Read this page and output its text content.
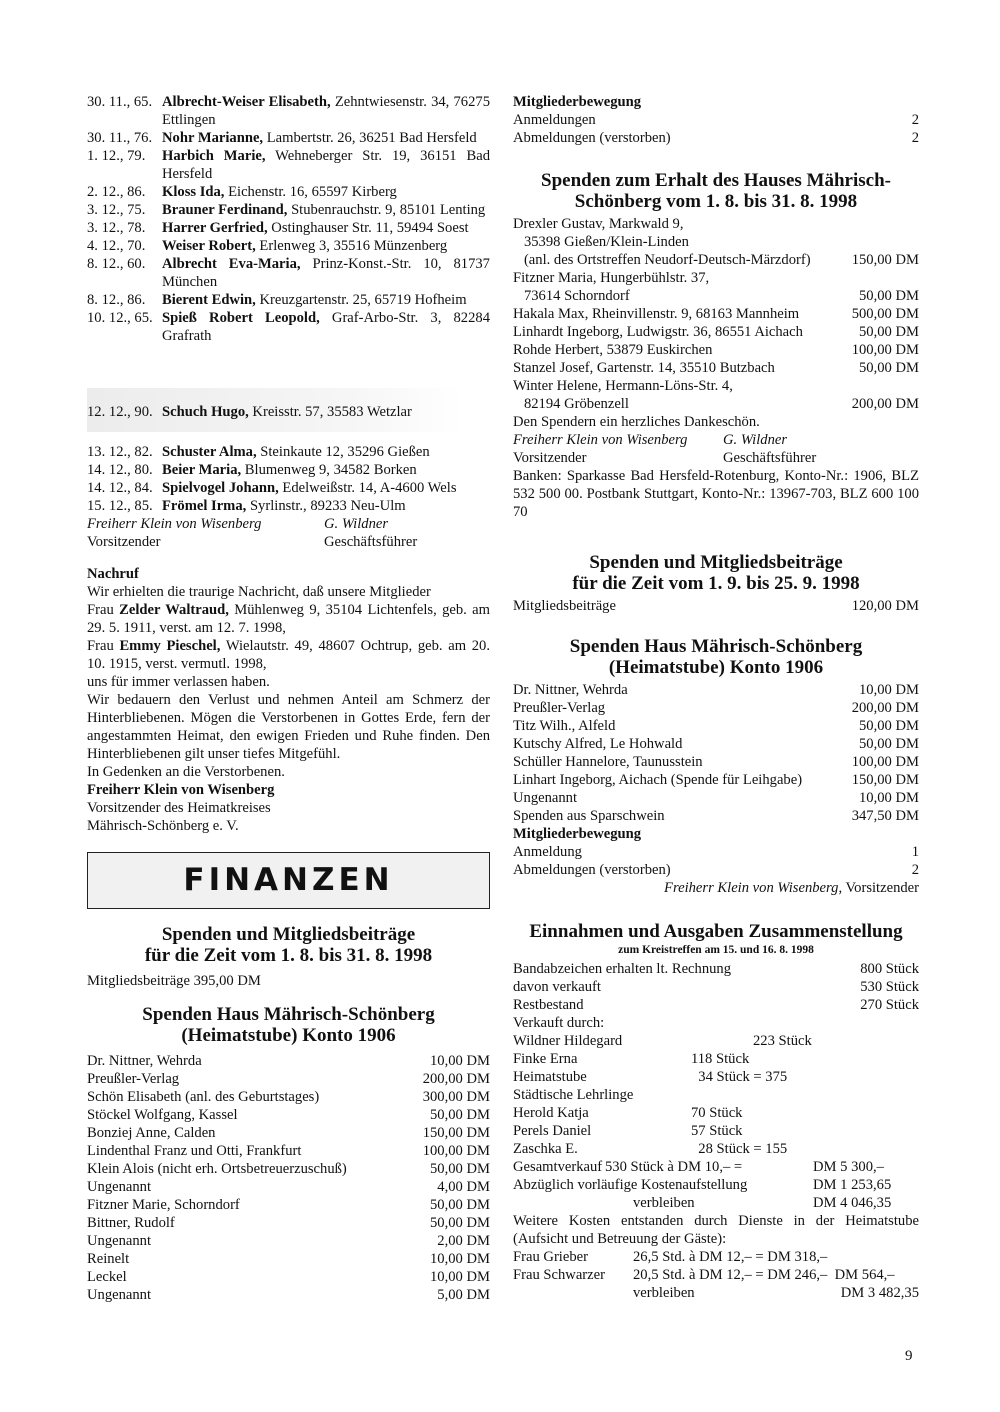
30. 11., 65. Albrecht-Weiser Elisabeth, Zehntwiesenstr. 34, 76275 Ettlingen
30. 11., 76. Nohr Marianne, Lambertstr. 26, 36251 Bad Hersfeld
1. 12., 79.	Harbich Marie, Wehneberger Str. 19, 36151 Bad Hersfeld
2. 12., 86.	Kloss Ida, Eichenstr. 16, 65597 Kirberg
3. 12., 75.	Brauner Ferdinand, Stubenrauchstr. 9, 85101 Lenting
3. 12., 78.	Harrer Gerfried, Ostinghauser Str. 11, 59494 Soest
4. 12., 70.	Weiser Robert, Erlenweg 3, 35516 Münzenberg
8. 12., 60.	Albrecht Eva-Maria, Prinz-Konst.-Str. 10, 81737 München
8. 12., 86.	Bierent Edwin, Kreuzgartenstr. 25, 65719 Hofheim
10. 12., 65. Spieß Robert Leopold, Graf-Arbo-Str. 3, 82284 Grafrath
12. 12., 90. Schuch Hugo, Kreisstr. 57, 35583 Wetzlar
13. 12., 82. Schuster Alma, Steinkaute 12, 35296 Gießen
14. 12., 80. Beier Maria, Blumenweg 9, 34582 Borken
14. 12., 84. Spielvogel Johann, Edelweißstr. 14, A-4600 Wels
15. 12., 85. Frömel Irma, Syrlinstr., 89233 Neu-Ulm
Freiherr Klein von Wisenberg	G. Wildner
Vorsitzender	Geschäftsführer
Nachruf
Wir erhielten die traurige Nachricht, daß unsere Mitglieder
Frau Zelder Waltraud, Mühlenweg 9, 35104 Lichtenfels, geb. am 29. 5. 1911, verst. am 12. 7. 1998,
Frau Emmy Pieschel, Wielautstr. 49, 48607 Ochtrup, geb. am 20. 10. 1915, verst. vermutl. 1998,
uns für immer verlassen haben.
Wir bedauern den Verlust und nehmen Anteil am Schmerz der Hinterbliebenen. Mögen die Verstorbenen in Gottes Erde, fern der angestammten Heimat, den ewigen Frieden und Ruhe finden. Den Hinterbliebenen gilt unser tiefes Mitgefühl.
In Gedenken an die Verstorbenen.
Freiherr Klein von Wisenberg
Vorsitzender des Heimatkreises
Mährisch-Schönberg e. V.
FINANZEN
Spenden und Mitgliedsbeiträge
für die Zeit vom 1. 8. bis 31. 8. 1998
Mitgliedsbeiträge 395,00 DM
Spenden Haus Mährisch-Schönberg
(Heimatstube) Konto 1906
Dr. Nittner, Wehrda	10,00 DM
Preußler-Verlag	200,00 DM
Schön Elisabeth (anl. des Geburtstages)	300,00 DM
Stöckel Wolfgang, Kassel	50,00 DM
Bonziej Anne, Calden	150,00 DM
Lindenthal Franz und Otti, Frankfurt	100,00 DM
Klein Alois (nicht erh. Ortsbetreuerzuschuß)	50,00 DM
Ungenannt	4,00 DM
Fitzner Marie, Schorndorf	50,00 DM
Bittner, Rudolf	50,00 DM
Ungenannt	2,00 DM
Reinelt	10,00 DM
Leckel	10,00 DM
Ungenannt	5,00 DM
Mitgliederbewegung
Anmeldungen	2
Abmeldungen (verstorben)	2
Spenden zum Erhalt des Hauses Mährisch-
Schönberg vom 1. 8. bis 31. 8. 1998
Drexler Gustav, Markwald 9,
35398 Gießen/Klein-Linden
(anl. des Ortstreffen Neudorf-Deutsch-Märzdorf)	150,00 DM
Fitzner Maria, Hungerbühlstr. 37,
73614 Schorndorf	50,00 DM
Hakala Max, Rheinvillenstr. 9, 68163 Mannheim	500,00 DM
Linhardt Ingeborg, Ludwigstr. 36, 86551 Aichach	50,00 DM
Rohde Herbert, 53879 Euskirchen	100,00 DM
Stanzel Josef, Gartenstr. 14, 35510 Butzbach	50,00 DM
Winter Helene, Hermann-Löns-Str. 4,
82194 Gröbenzell	200,00 DM
Den Spendern ein herzliches Dankeschön.
Freiherr Klein von Wisenberg	G. Wildner
Vorsitzender	Geschäftsführer
Banken: Sparkasse Bad Hersfeld-Rotenburg, Konto-Nr.: 1906, BLZ 532 500 00. Postbank Stuttgart, Konto-Nr.: 13967-703, BLZ 600 100 70
Spenden und Mitgliedsbeiträge
für die Zeit vom 1. 9. bis 25. 9. 1998
Mitgliedsbeiträge	120,00 DM
Spenden Haus Mährisch-Schönberg
(Heimatstube) Konto 1906
Dr. Nittner, Wehrda	10,00 DM
Preußler-Verlag	200,00 DM
Titz Wilh., Alfeld	50,00 DM
Kutschy Alfred, Le Hohwald	50,00 DM
Schüller Hannelore, Taunusstein	100,00 DM
Linhart Ingeborg, Aichach (Spende für Leihgabe)	150,00 DM
Ungenannt	10,00 DM
Spenden aus Sparschwein	347,50 DM
Mitgliederbewegung
Anmeldung	1
Abmeldungen (verstorben)	2
Freiherr Klein von Wisenberg, Vorsitzender
Einnahmen und Ausgaben Zusammenstellung
zum Kreistreffen am 15. und 16. 8. 1998
Bandabzeichen erhalten lt. Rechnung	800 Stück
davon verkauft	530 Stück
Restbestand	270 Stück
Verkauft durch:
Wildner Hildegard	223 Stück
Finke Erna	118 Stück
Heimatstube	34 Stück = 375
Städtische Lehrlinge
Herold Katja	70 Stück
Perels Daniel	57 Stück
Zaschka E.	28 Stück = 155
Gesamtverkauf 530 Stück à DM 10,– =	DM 5 300,–
Abzüglich vorläufige Kostenaufstellung	DM 1 253,65
verbleiben	DM 4 046,35
Weitere Kosten entstanden durch Dienste in der Heimatstube (Aufsicht und Betreuung der Gäste):
Frau Grieber	26,5 Std. à DM 12,– = DM 318,–
Frau Schwarzer 20,5 Std. à DM 12,– = DM 246,–  DM 564,–
verbleiben	DM 3 482,35
9
